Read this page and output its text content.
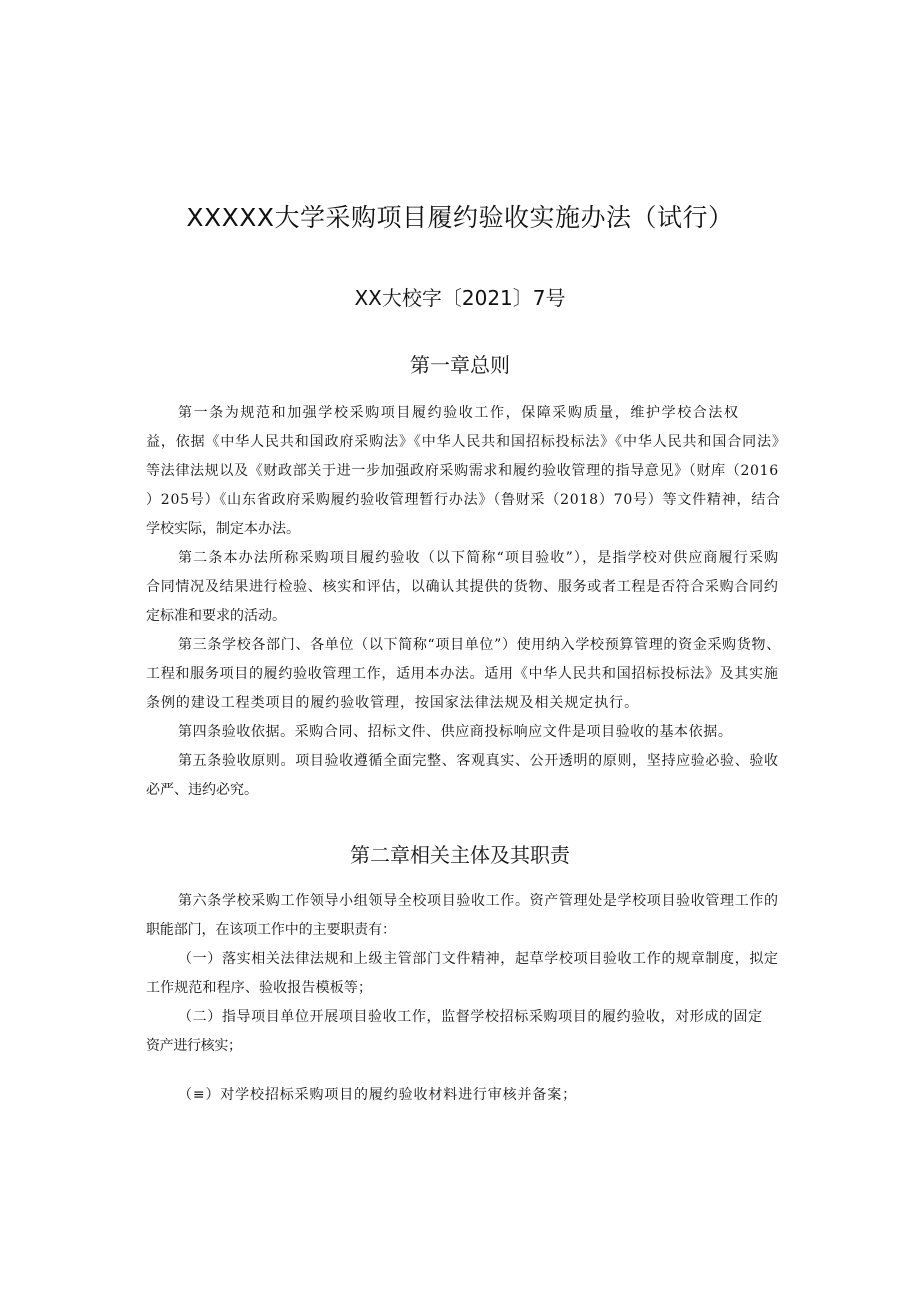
XXXXX大学采购项目履约验收实施办法（试行）
XX大校字〔2021〕7号
第一章总则
第一条为规范和加强学校采购项目履约验收工作，保障采购质量，维护学校合法权
益，依据《中华人民共和国政府采购法》《中华人民共和国招标投标法》《中华人民共和国合同法》
等法律法规以及《财政部关于进一步加强政府采购需求和履约验收管理的指导意见》（财库（2016
）205号）《山东省政府采购履约验收管理暂行办法》（鲁财采（2018）70号）等文件精神，结合
学校实际，制定本办法。
第二条本办法所称采购项目履约验收（以下简称“项目验收”），是指学校对供应商履行采购
合同情况及结果进行检验、核实和评估，以确认其提供的货物、服务或者工程是否符合采购合同约
定标准和要求的活动。
第三条学校各部门、各单位（以下简称“项目单位”）使用纳入学校预算管理的资金采购货物、
工程和服务项目的履约验收管理工作，适用本办法。适用《中华人民共和国招标投标法》及其实施
条例的建设工程类项目的履约验收管理，按国家法律法规及相关规定执行。
第四条验收依据。采购合同、招标文件、供应商投标响应文件是项目验收的基本依据。
第五条验收原则。项目验收遵循全面完整、客观真实、公开透明的原则，坚持应验必验、验收
必严、违约必究。
第二章相关主体及其职责
第六条学校采购工作领导小组领导全校项目验收工作。资产管理处是学校项目验收管理工作的
职能部门，在该项工作中的主要职责有：
（一）落实相关法律法规和上级主管部门文件精神，起草学校项目验收工作的规章制度，拟定
工作规范和程序、验收报告模板等；
（二）指导项目单位开展项目验收工作，监督学校招标采购项目的履约验收，对形成的固定
资产进行核实；
（≡）对学校招标采购项目的履约验收材料进行审核并备案；
